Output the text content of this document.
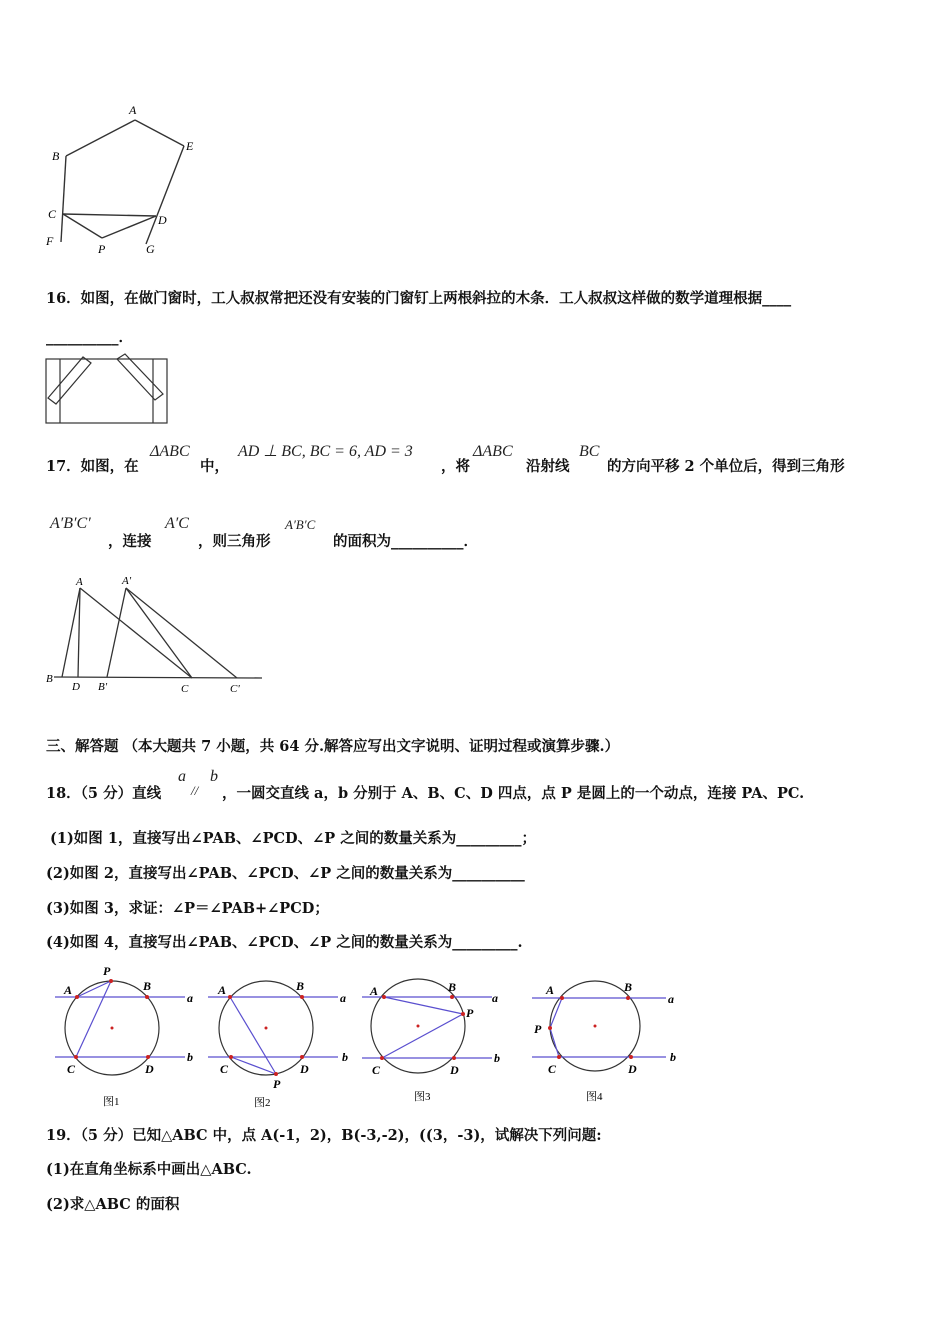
A
B
E
C	D
F
P	G
16．如图，在做门窗时，工人叔叔常把还没有安装的门窗钉上两根斜拉的木条．工人叔叔这样做的数学道理根据____
__________．
17．如图，在
ΔABC
中，
AD ⊥ BC, BC = 6, AD = 3
，将
ΔABC
沿射线
BC
的方向平移 2 个单位后，得到三角形
A′B′C′
，连接
A′C
，则三角形
A′B′C
的面积为__________．
A	A'
B
D B'	C	C'
三、解答题 （本大题共 7 小题，共 64 分.解答应写出文字说明、证明过程或演算步骤.）
18．（5 分）直线
a
//
b
，一圆交直线 a，b 分别于 A、B、C、D 四点，点 P 是圆上的一个动点，连接 PA、PC.
(1)如图 1，直接写出∠PAB、∠PCD、∠P 之间的数量关系为_________；
(2)如图 2，直接写出∠PAB、∠PCD、∠P 之间的数量关系为__________
(3)如图 3，求证：∠P＝∠PAB+∠PCD；
(4)如图 4，直接写出∠PAB、∠PCD、∠P 之间的数量关系为_________.
A	B
C	D
P
a
b
图1
A	B
C	D
P
a
b
图2
A	B
C	D
P
a
b
图3
A	B
C	D
P
a
b
图4
19．（5 分）已知△ABC 中，点 A(-1，2)，B(-3,-2)，((3，-3)，试解决下列问题:
(1)在直角坐标系中画出△ABC.
(2)求△ABC 的面积
